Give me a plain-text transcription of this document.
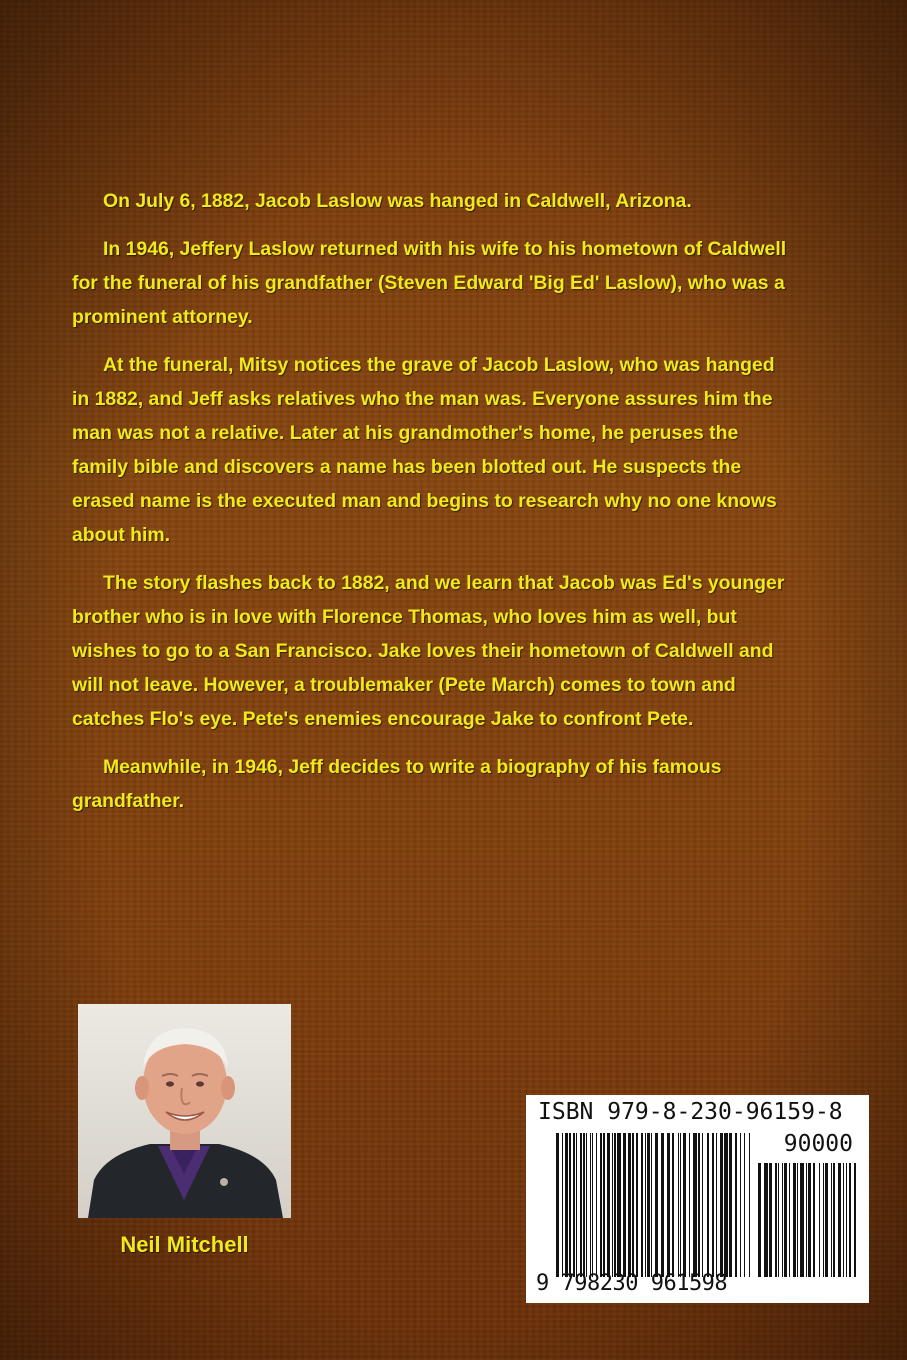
On July 6, 1882, Jacob Laslow was hanged in Caldwell, Arizona.

In 1946, Jeffery Laslow returned with his wife to his hometown of Caldwell for the funeral of his grandfather (Steven Edward 'Big Ed' Laslow), who was a prominent attorney.

At the funeral, Mitsy notices the grave of Jacob Laslow, who was hanged in 1882, and Jeff asks relatives who the man was. Everyone assures him the man was not a relative. Later at his grandmother's home, he peruses the family bible and discovers a name has been blotted out. He suspects the erased name is the executed man and begins to research why no one knows about him.

The story flashes back to 1882, and we learn that Jacob was Ed's younger brother who is in love with Florence Thomas, who loves him as well, but wishes to go to a San Francisco. Jake loves their hometown of Caldwell and will not leave. However, a troublemaker (Pete March) comes to town and catches Flo's eye. Pete's enemies encourage Jake to confront Pete.

Meanwhile, in 1946, Jeff decides to write a biography of his famous grandfather.

Neil Mitchell
ISBN 979-8-230-96159-8
90000
9 798230 961598
